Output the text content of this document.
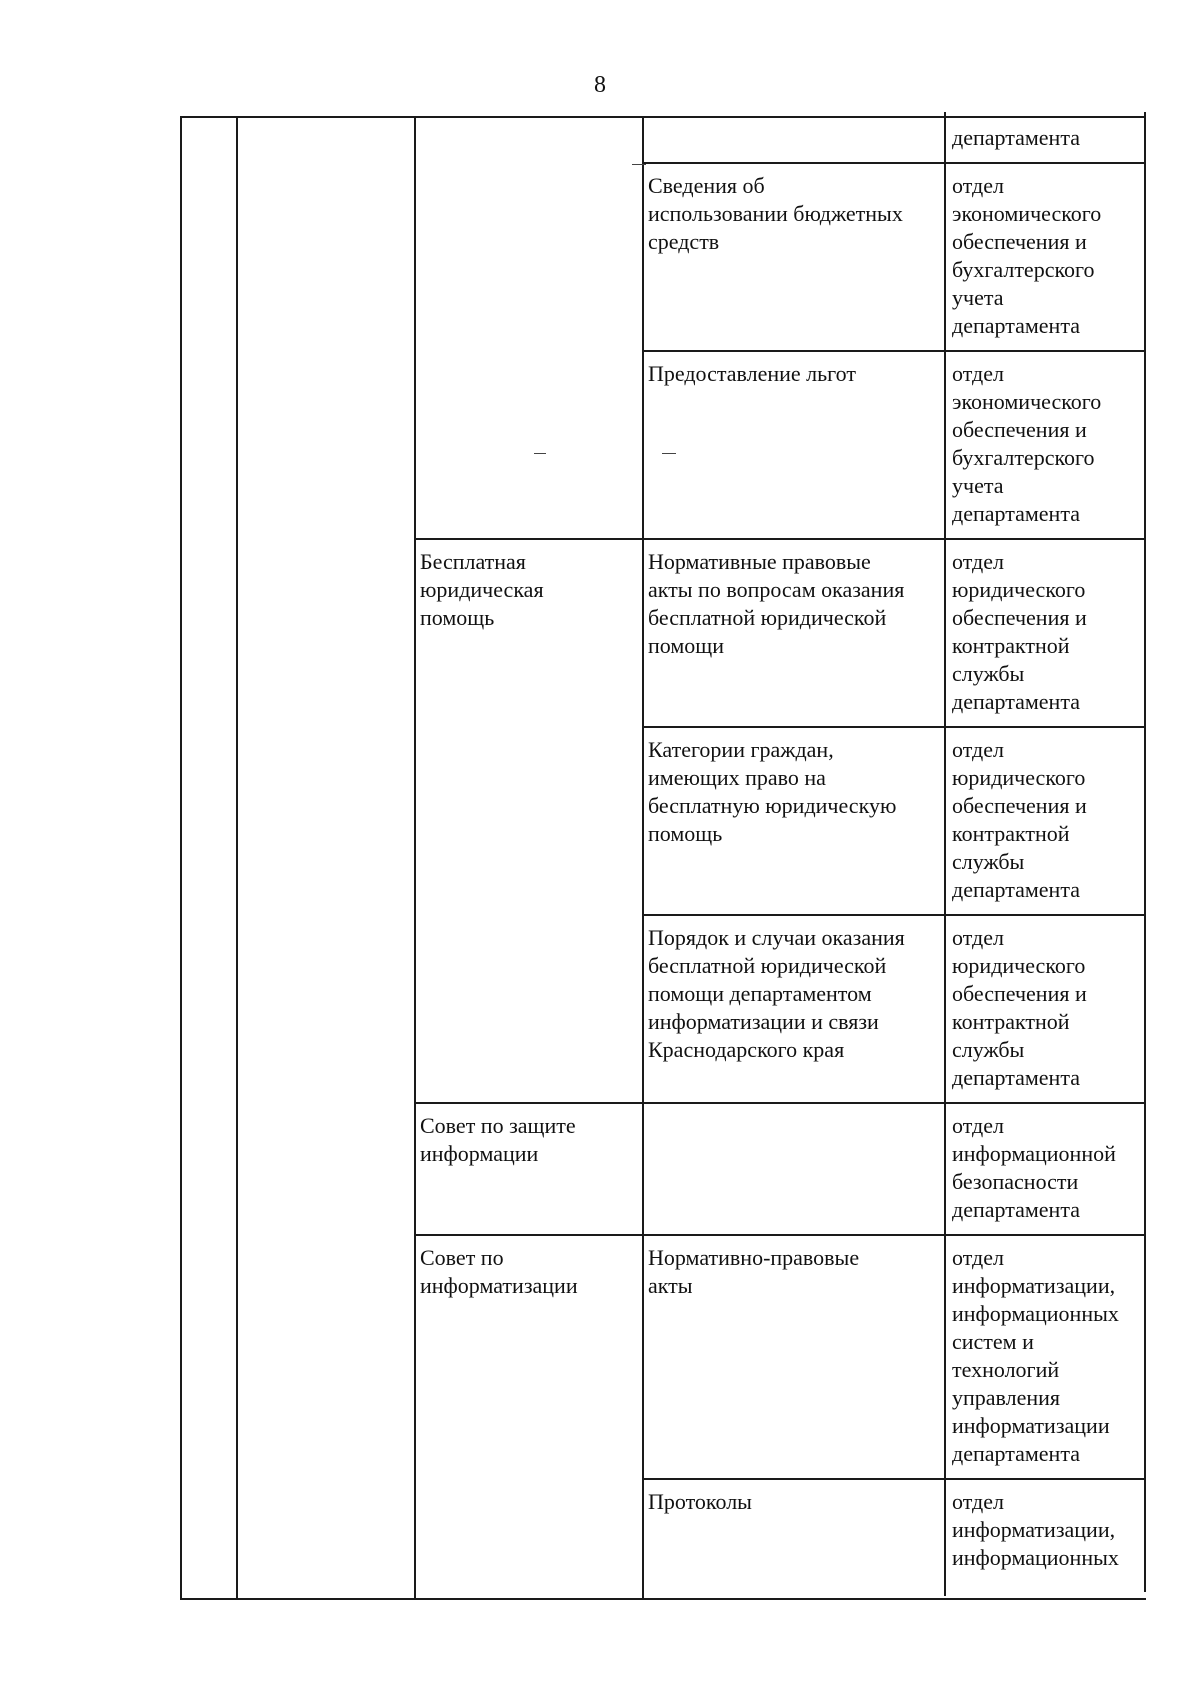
8
департамента
Сведения об
использовании бюджетных
средств
отдел
экономического
обеспечения и
бухгалтерского
учета
департамента
Предоставление льгот	отдел
экономического
обеспечения и
бухгалтерского
учета
департамента
Бесплатная
юридическая
помощь
Нормативные правовые
акты по вопросам оказания
бесплатной юридической
помощи
отдел
юридического
обеспечения и
контрактной
службы
департамента
Категории граждан,
имеющих право на
бесплатную юридическую
помощь
отдел
юридического
обеспечения и
контрактной
службы
департамента
Порядок и случаи оказания
бесплатной юридической
помощи департаментом
информатизации и связи
Краснодарского края
отдел
юридического
обеспечения и
контрактной
службы
департамента
Совет по защите
информации
отдел
информационной
безопасности
департамента
Совет по
информатизации
Нормативно-правовые
акты
отдел
информатизации,
информационных
систем и
технологий
управления
информатизации
департамента
Протоколы	отдел
информатизации,
информационных
